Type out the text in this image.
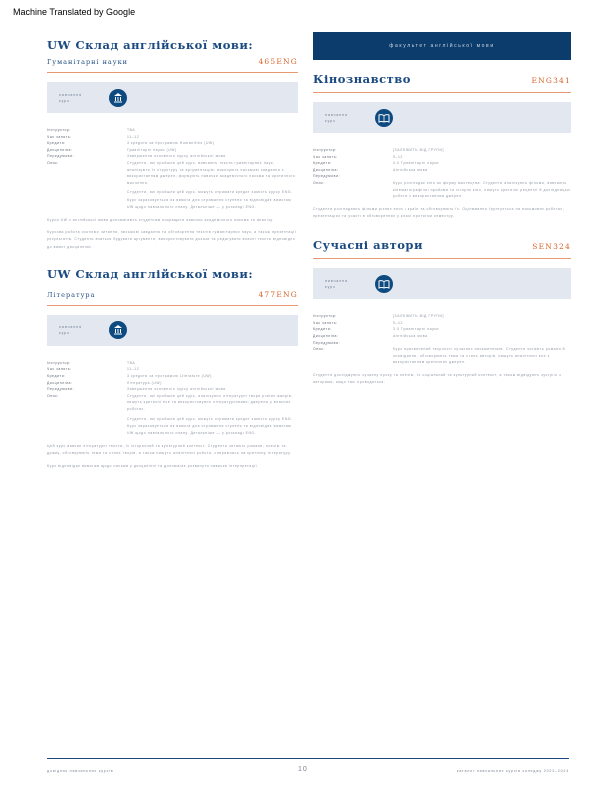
Machine Translated by Google
UW Склад англійської мови:
Гуманітарні науки	465ENG
навчання
курс
Інструктор:	ТВА
Час занять:	11–12
Кредити:	3 кредити за програмою Humanities (UW)
Дисципліна:	Гуманітарні науки (UW)
Передумови:	Завершення основного курсу англійської мови
Опис:	Студенти, які пройшли цей курс, вивчають тексти гуманітарних наук, аналізують їх структуру та аргументацію; виконують письмові завдання з використанням джерел; формують навички академічного письма та критичного мислення.

Студенти, які пройшли цей курс, можуть отримати кредит замість курсу ENG. Курс зараховується як вимога для отримання ступеня та відповідає вимогам UW щодо навчального плану. Детальніше — у розкладі ENG.

Курси UW з англійської мови допомагають студентам покращити навички академічного письма та аналізу.

Курсова робота охоплює читання, письмові завдання та обговорення текстів гуманітарних наук, а також презентації результатів. Студенти вчаться будувати аргументи, використовувати докази та редагувати власні тексти відповідно до вимог дисципліни.

UW Склад англійської мови:
Література	477ENG
навчання
курс
Інструктор:	ТВА
Час занять:	11–12
Кредити:	3 кредити за програмою Literature (UW)
Дисципліна:	Література (UW)
Передумови:	Завершення основного курсу англійської мови
Опис:	Студенти, які пройшли цей курс, аналізують літературні твори різних жанрів, пишуть критичні есе та використовують літературознавчі джерела у власних роботах.

Студенти, які пройшли цей курс, можуть отримати кредит замість курсу ENG. Курс зараховується як вимога для отримання ступеня та відповідає вимогам UW щодо навчального плану. Детальніше — у розкладі ENG.

Цей курс вивчає літературні тексти, їх історичний та культурний контекст. Студенти читають романи, поезію та драму, обговорюють теми та стиль творів, а також пишуть аналітичні роботи, спираючись на критичну літературу.

Курс відповідає вимогам щодо письма у дисципліні та допомагає розвинути навички інтерпретації.

факультет англійської мови
Кінознавство	ENG341
навчання
курс
Інструктор:	[ЗАЛЕЖИТЬ ВІД ГРУПИ]
Час занять:	9–12
Кредити:	3.0 Гуманітарні науки
Дисципліна:	Англійська мова
Передумови:
Опис:	Курс розглядає кіно як форму мистецтва. Студенти аналізують фільми, вивчають кінематографічні прийоми та історію кіно, пишуть критичні рецензії й дослідницькі роботи з використанням джерел.

Студенти розглядають фільми різних епох і країн та обговорюють їх. Оцінювання ґрунтується на письмових роботах, презентаціях та участі в обговореннях у класі протягом семестру.

Сучасні автори	SEN324
навчання
курс
Інструктор:	[ЗАЛЕЖИТЬ ВІД ГРУПИ]
Час занять:	9–12
Кредити:	3.0 Гуманітарні науки
Дисципліна:	Англійська мова
Передумови:
Опис:	Курс присвячений творчості сучасних письменників. Студенти читають романи й оповідання, обговорюють теми та стиль авторів, пишуть аналітичні есе з використанням критичних джерел.

Студенти досліджують сучасну прозу та поезію, їх соціальний та культурний контекст, а також відвідують зустрічі з авторами, якщо такі проводяться.

довідник навчальних курсів	10	каталог навчальних курсів коледжу 2023–2024
